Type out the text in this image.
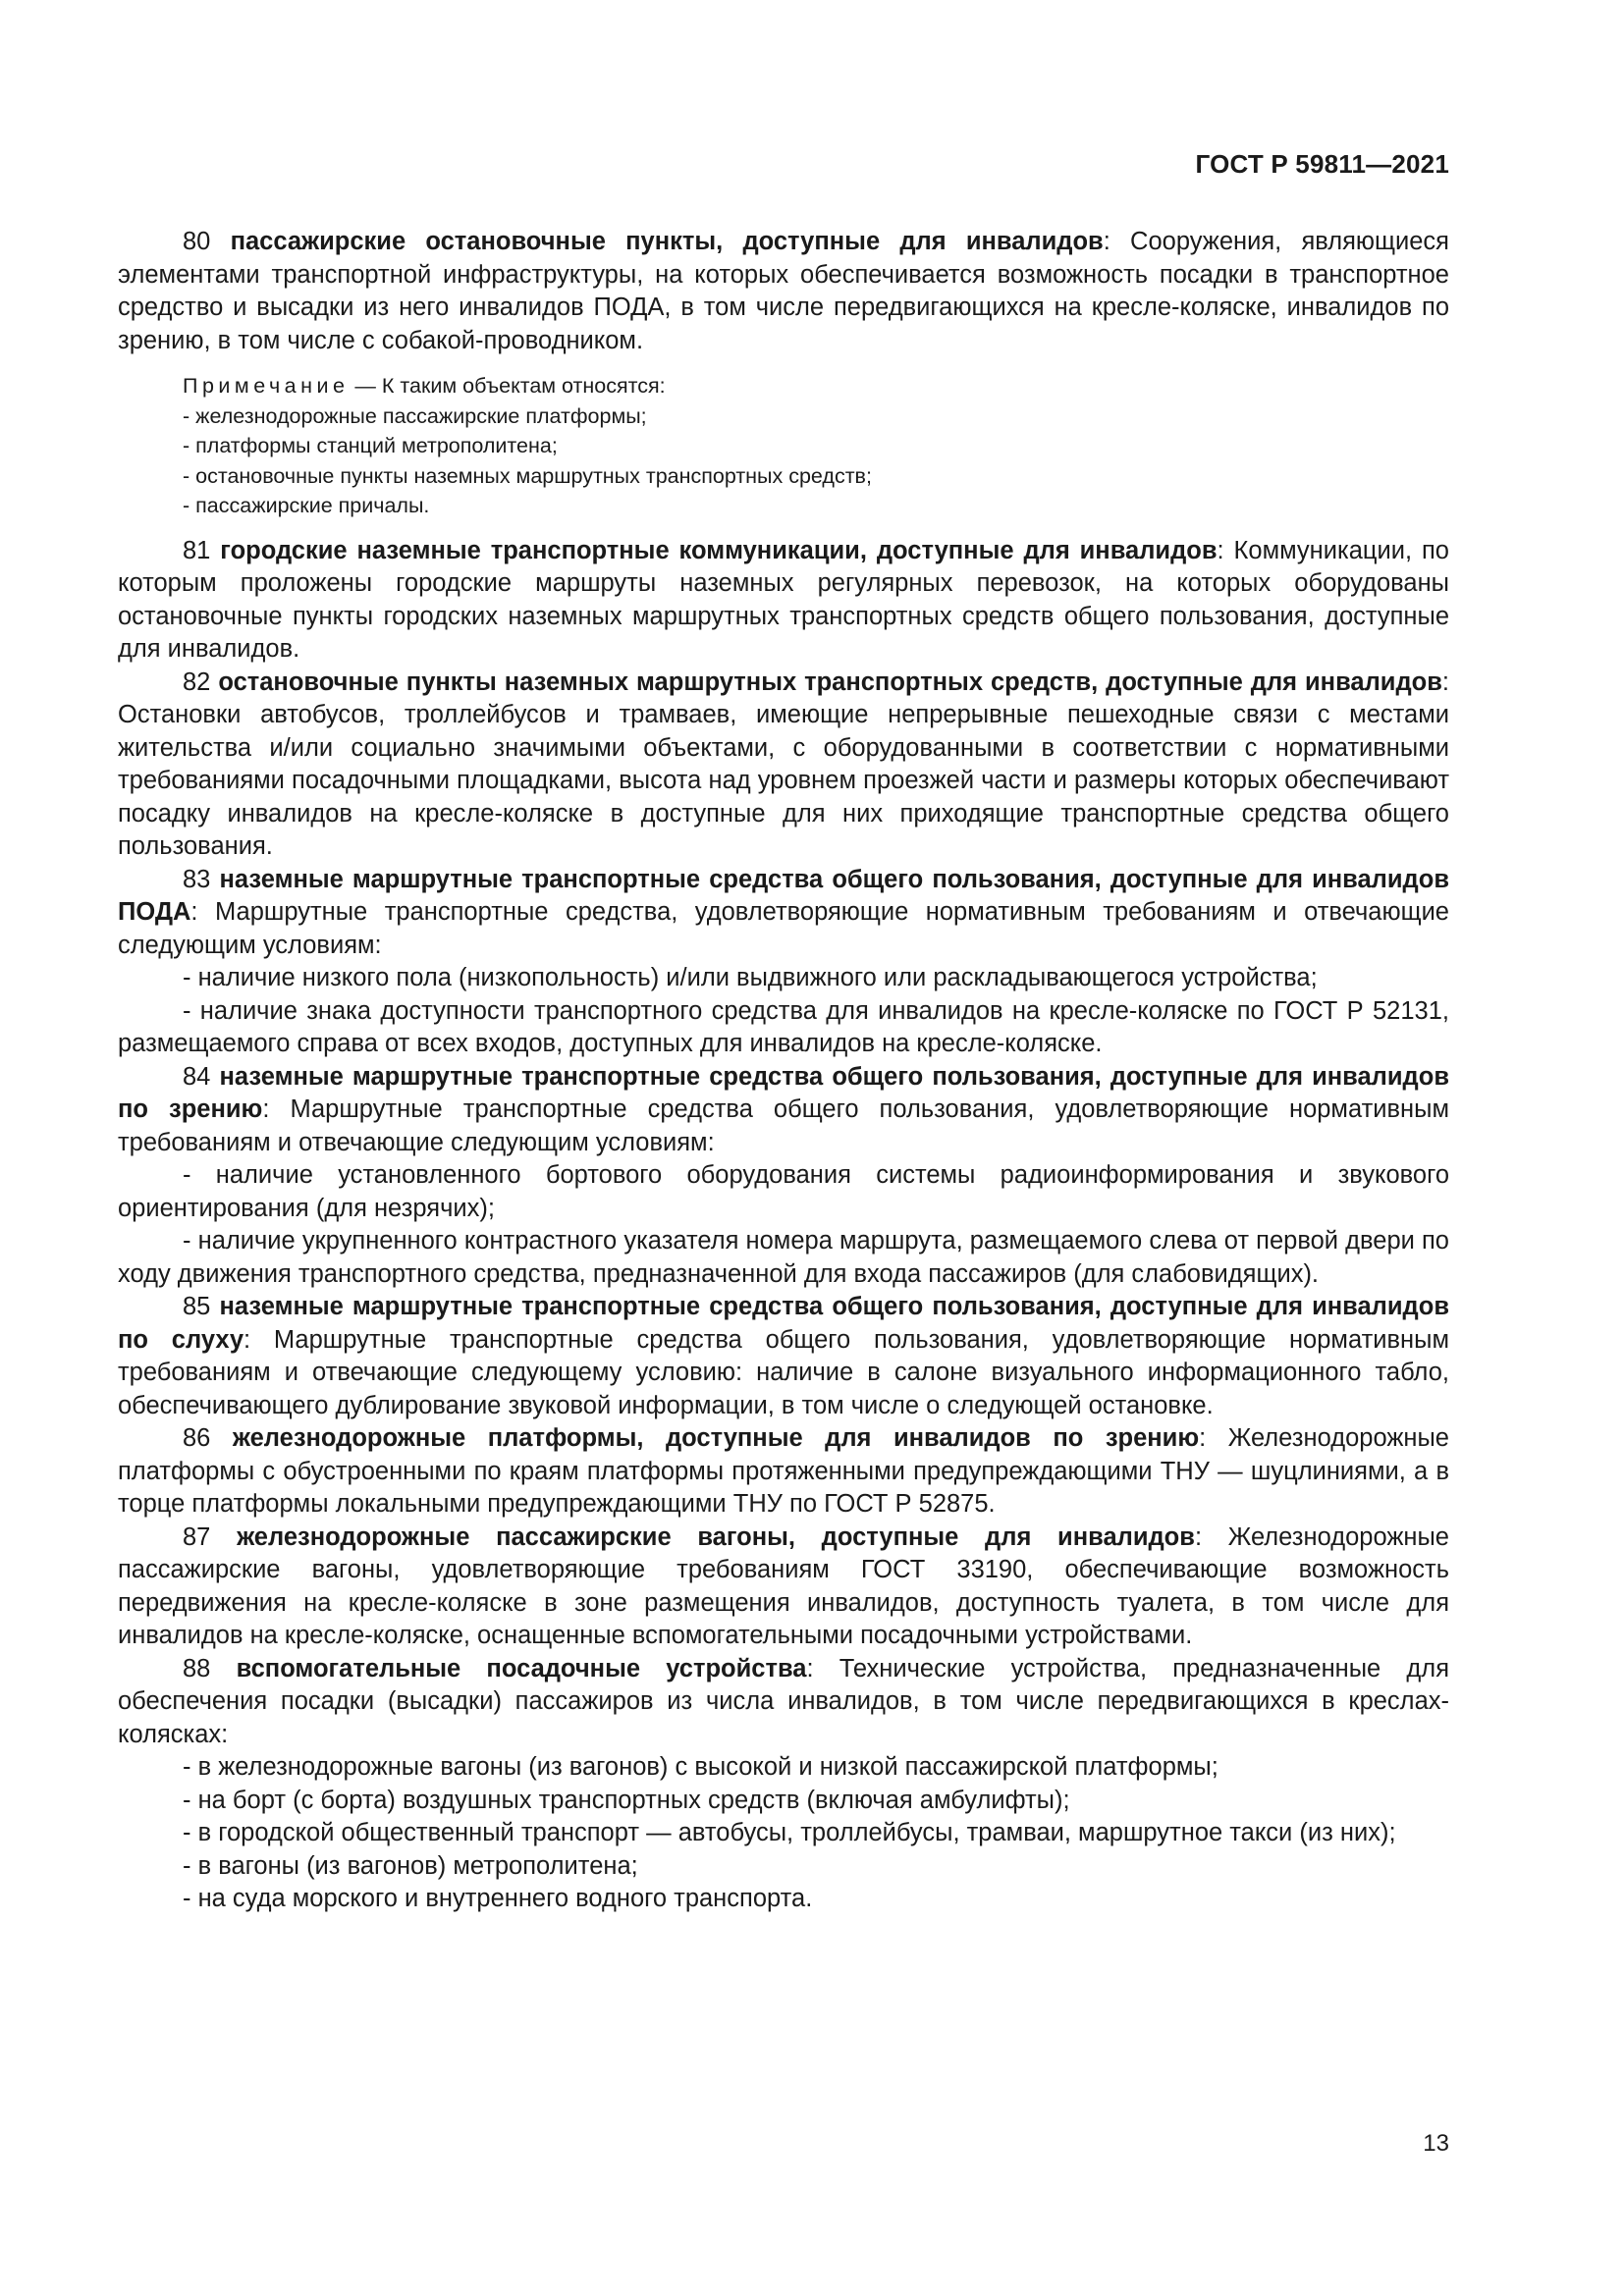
ГОСТ Р 59811—2021

80 пассажирские остановочные пункты, доступные для инвалидов: Сооружения, являющиеся элементами транспортной инфраструктуры, на которых обеспечивается возможность посадки в транспортное средство и высадки из него инвалидов ПОДА, в том числе передвигающихся на кресле-коляске, инвалидов по зрению, в том числе с собакой-проводником.

Примечание — К таким объектам относятся:
- железнодорожные пассажирские платформы;
- платформы станций метрополитена;
- остановочные пункты наземных маршрутных транспортных средств;
- пассажирские причалы.

81 городские наземные транспортные коммуникации, доступные для инвалидов: Коммуникации, по которым проложены городские маршруты наземных регулярных перевозок, на которых оборудованы остановочные пункты городских наземных маршрутных транспортных средств общего пользования, доступные для инвалидов.

82 остановочные пункты наземных маршрутных транспортных средств, доступные для инвалидов: Остановки автобусов, троллейбусов и трамваев, имеющие непрерывные пешеходные связи с местами жительства и/или социально значимыми объектами, с оборудованными в соответствии с нормативными требованиями посадочными площадками, высота над уровнем проезжей части и размеры которых обеспечивают посадку инвалидов на кресле-коляске в доступные для них приходящие транспортные средства общего пользования.

83 наземные маршрутные транспортные средства общего пользования, доступные для инвалидов ПОДА: Маршрутные транспортные средства, удовлетворяющие нормативным требованиям и отвечающие следующим условиям:

- наличие низкого пола (низкопольность) и/или выдвижного или раскладывающегося устройства;

- наличие знака доступности транспортного средства для инвалидов на кресле-коляске по ГОСТ Р 52131, размещаемого справа от всех входов, доступных для инвалидов на кресле-коляске.

84 наземные маршрутные транспортные средства общего пользования, доступные для инвалидов по зрению: Маршрутные транспортные средства общего пользования, удовлетворяющие нормативным требованиям и отвечающие следующим условиям:

- наличие установленного бортового оборудования системы радиоинформирования и звукового ориентирования (для незрячих);

- наличие укрупненного контрастного указателя номера маршрута, размещаемого слева от первой двери по ходу движения транспортного средства, предназначенной для входа пассажиров (для слабовидящих).

85 наземные маршрутные транспортные средства общего пользования, доступные для инвалидов по слуху: Маршрутные транспортные средства общего пользования, удовлетворяющие нормативным требованиям и отвечающие следующему условию: наличие в салоне визуального информационного табло, обеспечивающего дублирование звуковой информации, в том числе о следующей остановке.

86 железнодорожные платформы, доступные для инвалидов по зрению: Железнодорожные платформы с обустроенными по краям платформы протяженными предупреждающими ТНУ — шуцлиниями, а в торце платформы локальными предупреждающими ТНУ по ГОСТ Р 52875.

87 железнодорожные пассажирские вагоны, доступные для инвалидов: Железнодорожные пассажирские вагоны, удовлетворяющие требованиям ГОСТ 33190, обеспечивающие возможность передвижения на кресле-коляске в зоне размещения инвалидов, доступность туалета, в том числе для инвалидов на кресле-коляске, оснащенные вспомогательными посадочными устройствами.

88 вспомогательные посадочные устройства: Технические устройства, предназначенные для обеспечения посадки (высадки) пассажиров из числа инвалидов, в том числе передвигающихся в креслах-колясках:

- в железнодорожные вагоны (из вагонов) с высокой и низкой пассажирской платформы;

- на борт (с борта) воздушных транспортных средств (включая амбулифты);

- в городской общественный транспорт — автобусы, троллейбусы, трамваи, маршрутное такси (из них);

- в вагоны (из вагонов) метрополитена;

- на суда морского и внутреннего водного транспорта.

13
